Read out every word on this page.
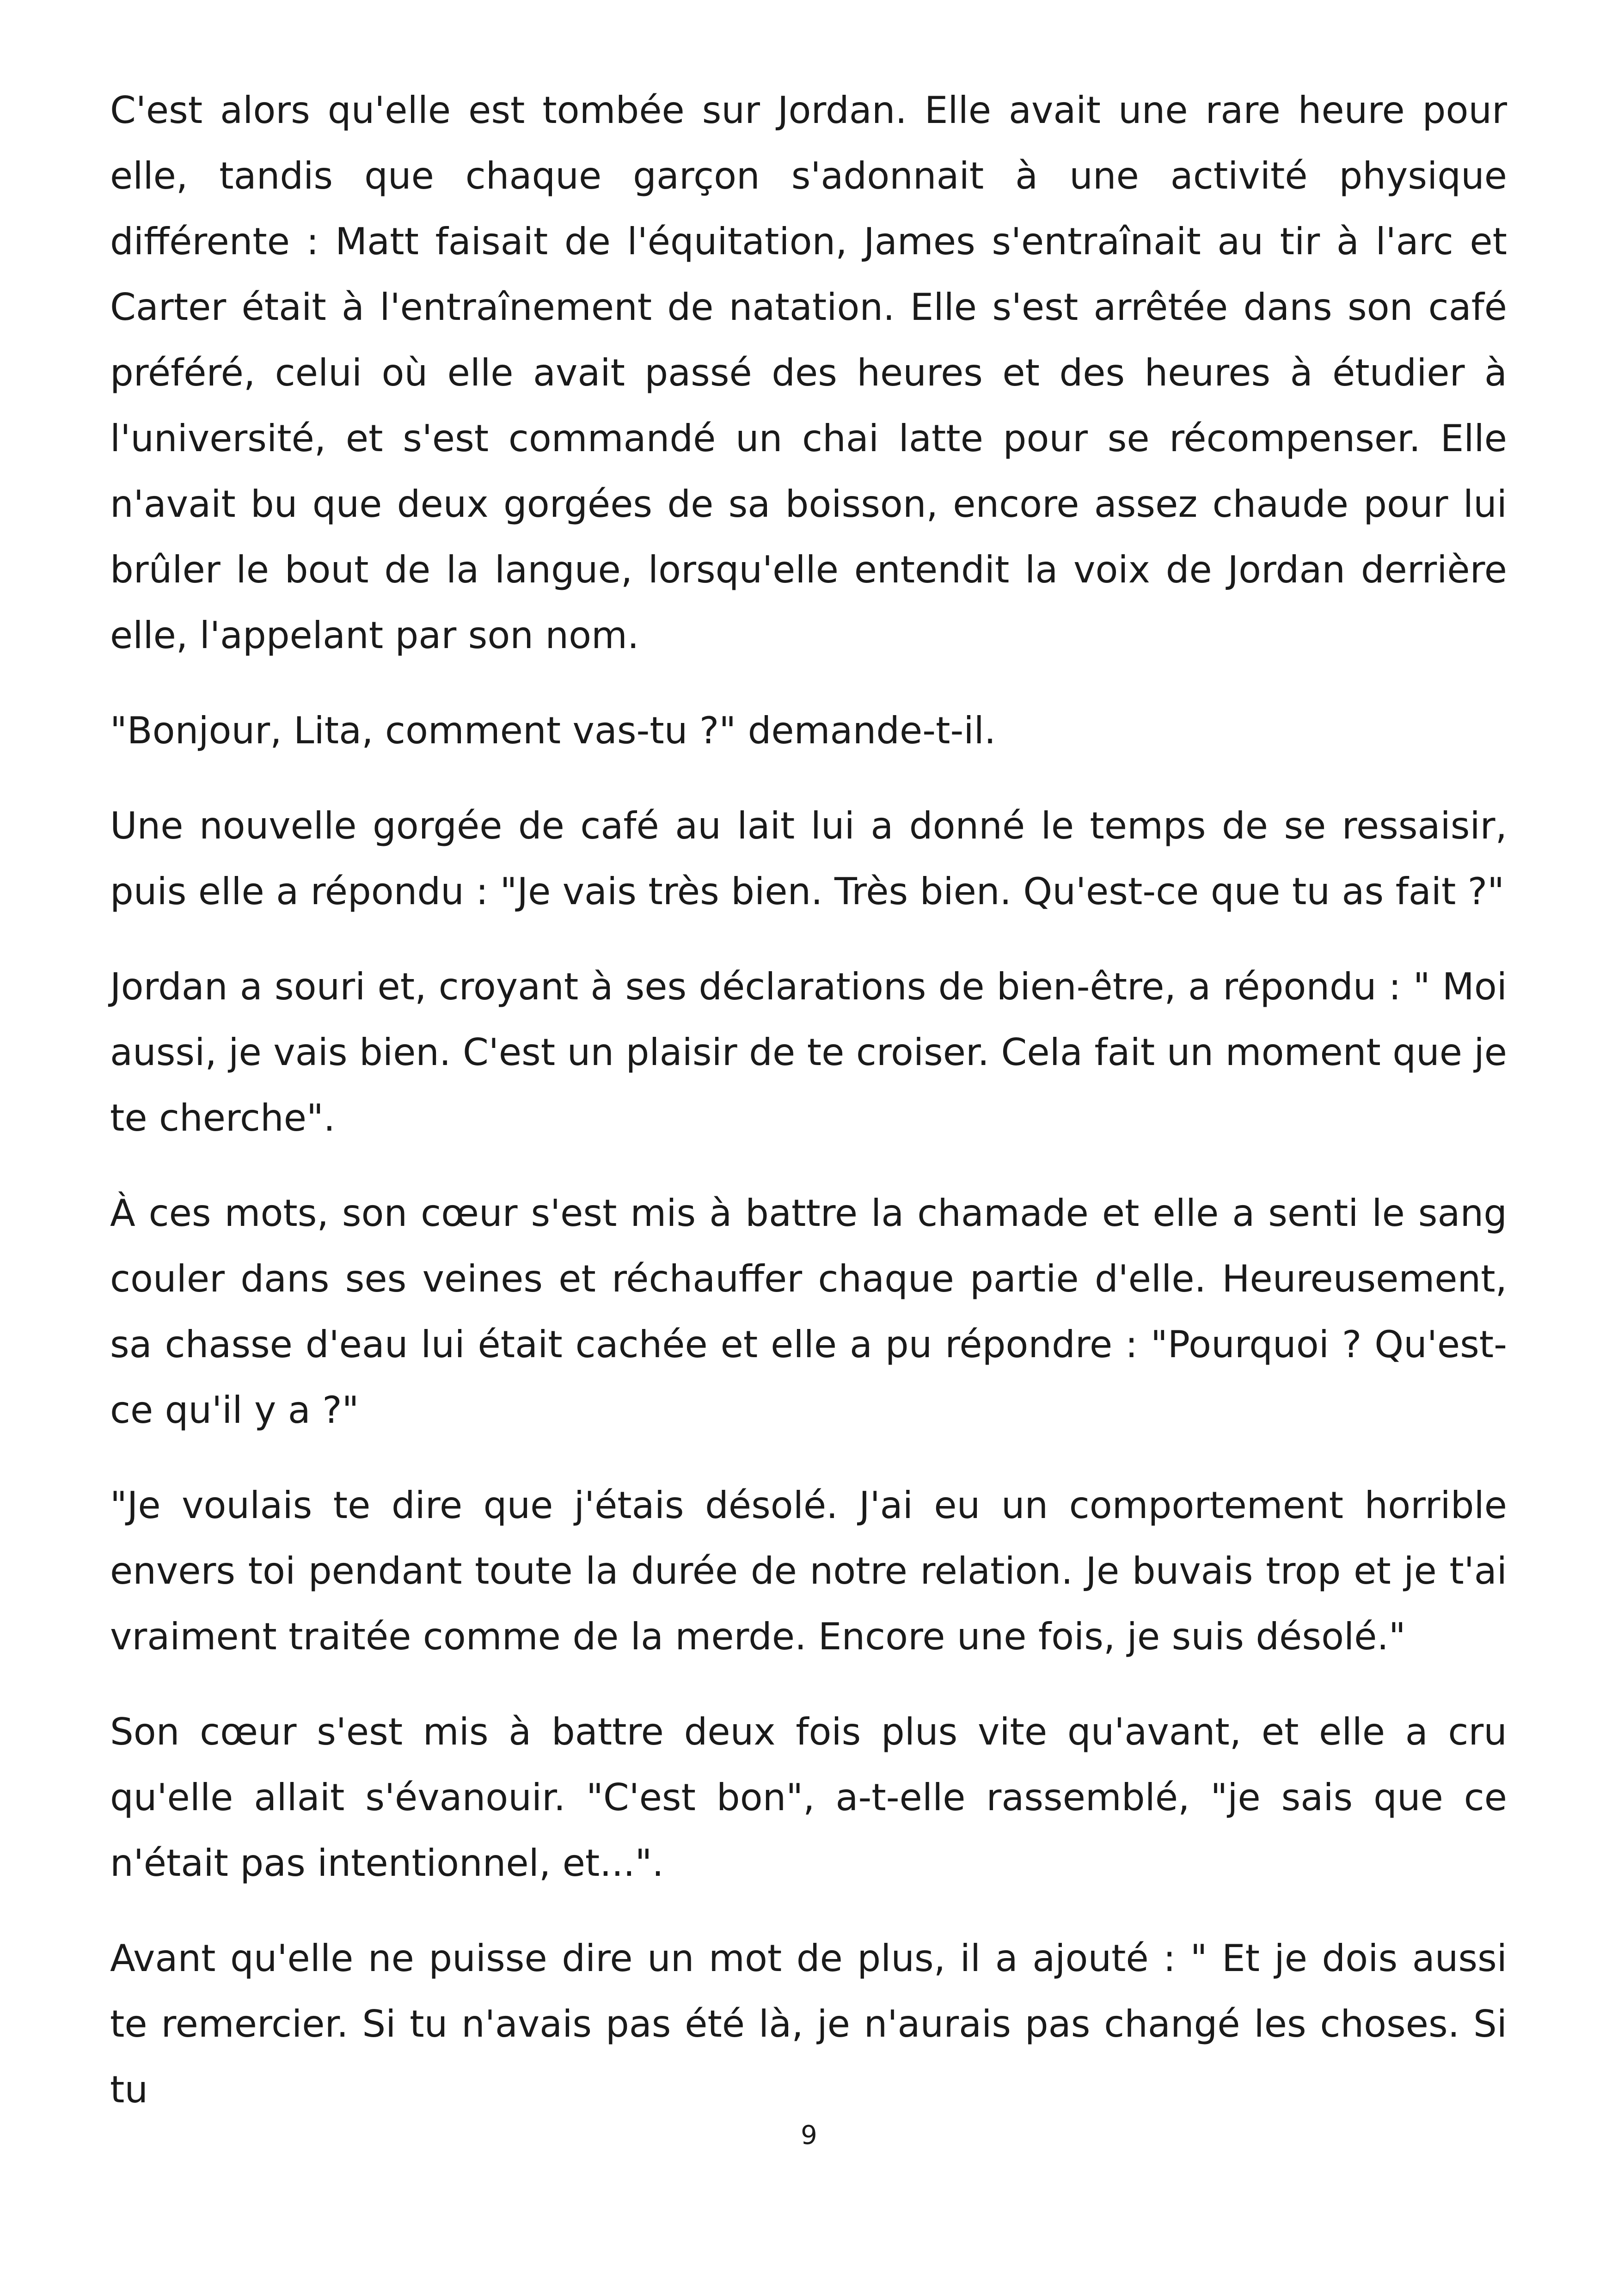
C'est alors qu'elle est tombée sur Jordan. Elle avait une rare heure pour elle, tandis que chaque garçon s'adonnait à une activité physique différente : Matt faisait de l'équitation, James s'entraînait au tir à l'arc et Carter était à l'entraînement de natation. Elle s'est arrêtée dans son café préféré, celui où elle avait passé des heures et des heures à étudier à l'université, et s'est commandé un chai latte pour se récompenser. Elle n'avait bu que deux gorgées de sa boisson, encore assez chaude pour lui brûler le bout de la langue, lorsqu'elle entendit la voix de Jordan derrière elle, l'appelant par son nom.

"Bonjour, Lita, comment vas-tu ?" demande-t-il.

Une nouvelle gorgée de café au lait lui a donné le temps de se ressaisir, puis elle a répondu : "Je vais très bien. Très bien. Qu'est-ce que tu as fait ?"

Jordan a souri et, croyant à ses déclarations de bien-être, a répondu : " Moi aussi, je vais bien. C'est un plaisir de te croiser. Cela fait un moment que je te cherche".

À ces mots, son cœur s'est mis à battre la chamade et elle a senti le sang couler dans ses veines et réchauffer chaque partie d'elle. Heureusement, sa chasse d'eau lui était cachée et elle a pu répondre : "Pourquoi ? Qu'est-ce qu'il y a ?"

"Je voulais te dire que j'étais désolé. J'ai eu un comportement horrible envers toi pendant toute la durée de notre relation. Je buvais trop et je t'ai vraiment traitée comme de la merde. Encore une fois, je suis désolé."

Son cœur s'est mis à battre deux fois plus vite qu'avant, et elle a cru qu'elle allait s'évanouir. "C'est bon", a-t-elle rassemblé, "je sais que ce n'était pas intentionnel, et...".

Avant qu'elle ne puisse dire un mot de plus, il a ajouté : " Et je dois aussi te remercier. Si tu n'avais pas été là, je n'aurais pas changé les choses. Si tu

9
